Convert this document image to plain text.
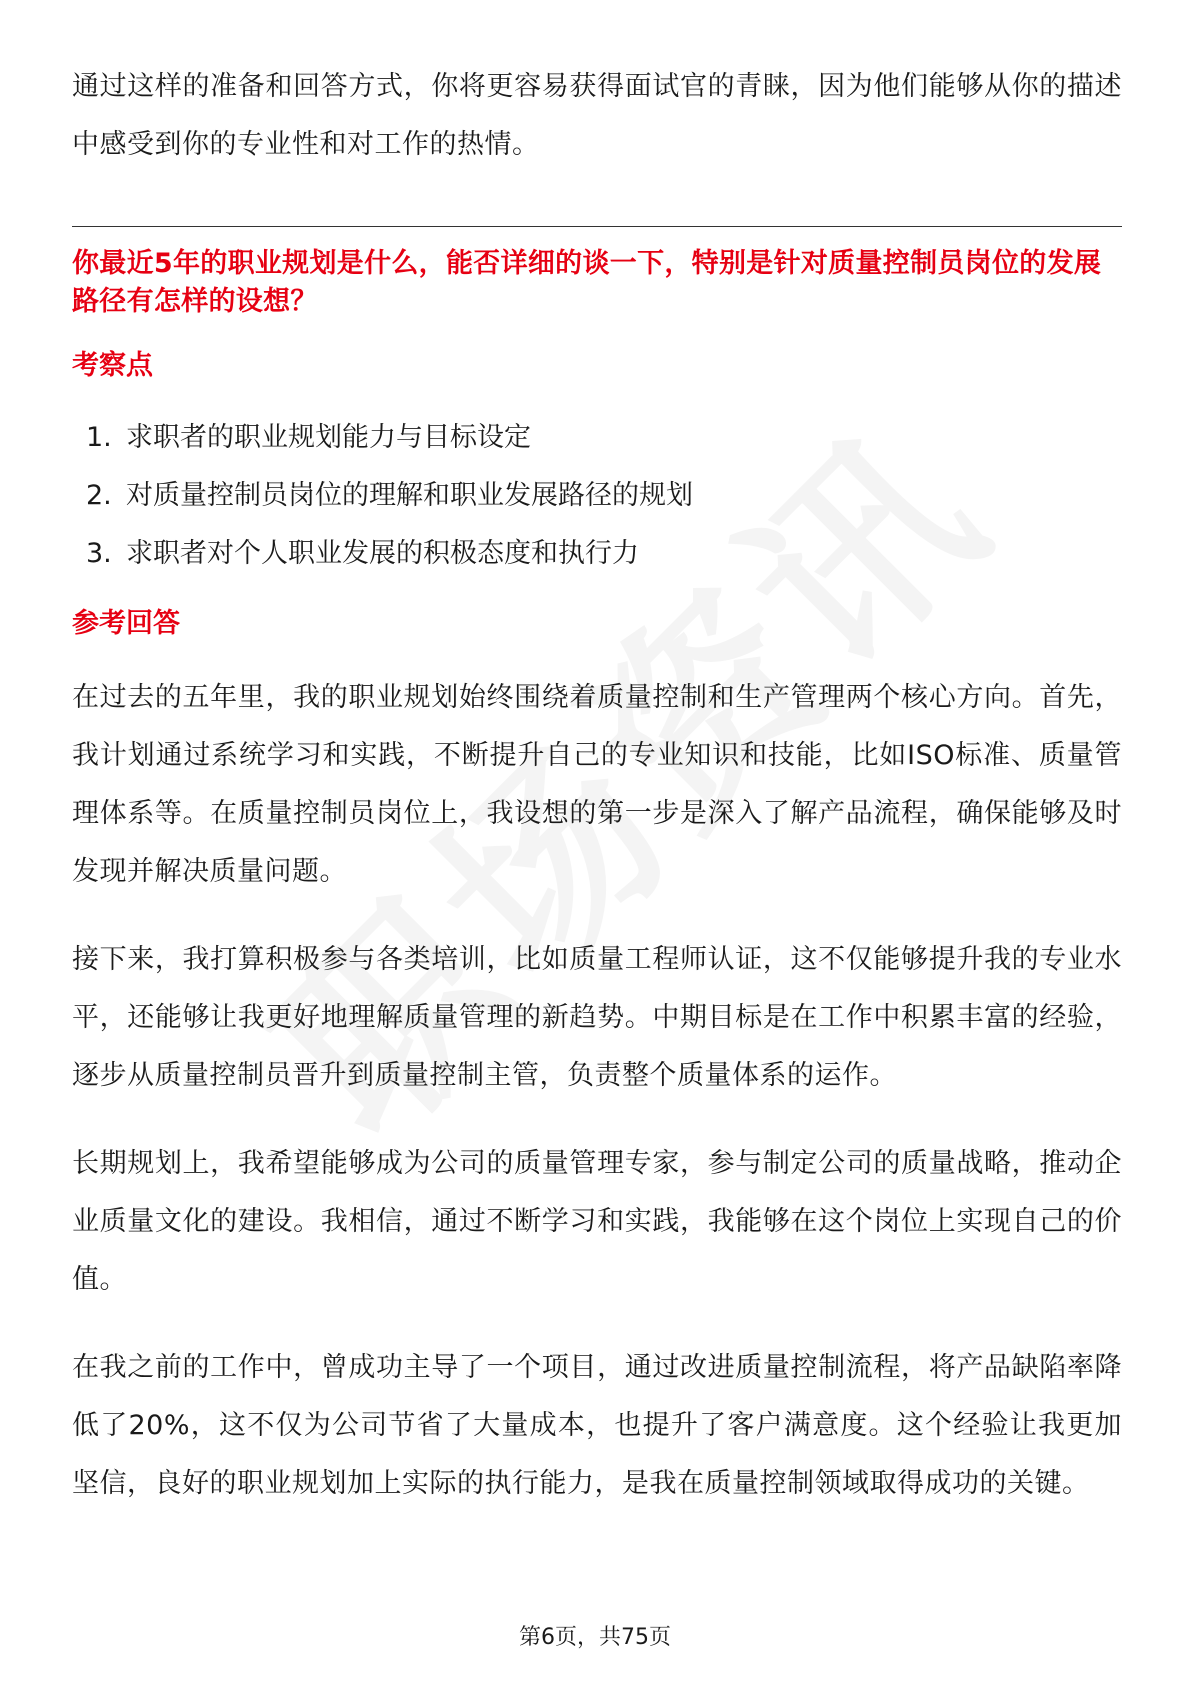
通过这样的准备和回答方式，你将更容易获得面试官的青睐，因为他们能够从你的描述中感受到你的专业性和对工作的热情。

你最近5年的职业规划是什么，能否详细的谈一下，特别是针对质量控制员岗位的发展路径有怎样的设想？
考察点
1. 求职者的职业规划能力与目标设定
2. 对质量控制员岗位的理解和职业发展路径的规划
3. 求职者对个人职业发展的积极态度和执行力
参考回答

在过去的五年里，我的职业规划始终围绕着质量控制和生产管理两个核心方向。首先，我计划通过系统学习和实践，不断提升自己的专业知识和技能，比如ISO标准、质量管理体系等。在质量控制员岗位上，我设想的第一步是深入了解产品流程，确保能够及时发现并解决质量问题。

接下来，我打算积极参与各类培训，比如质量工程师认证，这不仅能够提升我的专业水平，还能够让我更好地理解质量管理的新趋势。中期目标是在工作中积累丰富的经验，逐步从质量控制员晋升到质量控制主管，负责整个质量体系的运作。

长期规划上，我希望能够成为公司的质量管理专家，参与制定公司的质量战略，推动企业质量文化的建设。我相信，通过不断学习和实践，我能够在这个岗位上实现自己的价值。

在我之前的工作中，曾成功主导了一个项目，通过改进质量控制流程，将产品缺陷率降低了20%，这不仅为公司节省了大量成本，也提升了客户满意度。这个经验让我更加坚信，良好的职业规划加上实际的执行能力，是我在质量控制领域取得成功的关键。

第6页，共75页
